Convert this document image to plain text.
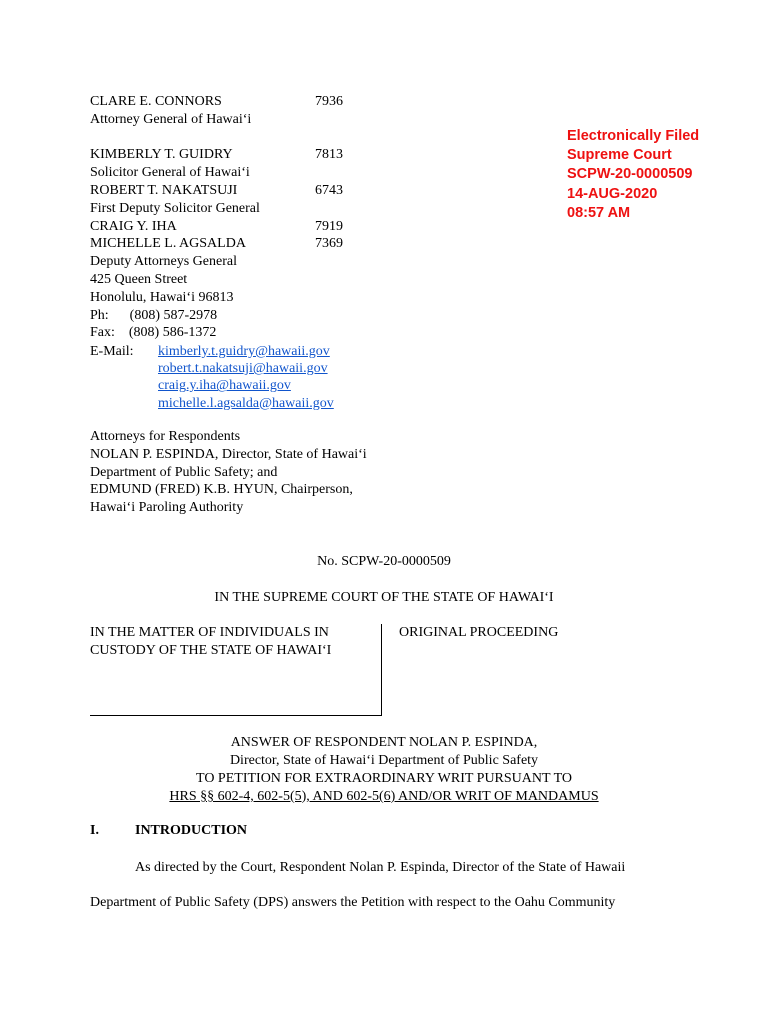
CLARE E. CONNORS	7936
Attorney General of Hawai‘i
KIMBERLY T. GUIDRY	7813
Solicitor General of Hawai‘i
ROBERT T. NAKATSUJI	6743
First Deputy Solicitor General
CRAIG Y. IHA	7919
MICHELLE L. AGSALDA	7369
Deputy Attorneys General
425 Queen Street
Honolulu, Hawai‘i 96813
Ph:      (808) 587-2978
Fax:    (808) 586-1372
E-Mail: kimberly.t.guidry@hawaii.gov
robert.t.nakatsuji@hawaii.gov
craig.y.iha@hawaii.gov
michelle.l.agsalda@hawaii.gov
Electronically Filed
Supreme Court
SCPW-20-0000509
14-AUG-2020
08:57 AM
Attorneys for Respondents
NOLAN P. ESPINDA, Director, State of Hawai‘i
Department of Public Safety; and
EDMUND (FRED) K.B. HYUN, Chairperson,
Hawai‘i Paroling Authority
No. SCPW-20-0000509
IN THE SUPREME COURT OF THE STATE OF HAWAI‘I
IN THE MATTER OF INDIVIDUALS IN
CUSTODY OF THE STATE OF HAWAI‘I
ORIGINAL PROCEEDING
ANSWER OF RESPONDENT NOLAN P. ESPINDA,
Director, State of Hawai‘i Department of Public Safety
TO PETITION FOR EXTRAORDINARY WRIT PURSUANT TO
HRS §§ 602-4, 602-5(5), AND 602-5(6) AND/OR WRIT OF MANDAMUS
I.	INTRODUCTION
As directed by the Court, Respondent Nolan P. Espinda, Director of the State of Hawaii
Department of Public Safety (DPS) answers the Petition with respect to the Oahu Community
